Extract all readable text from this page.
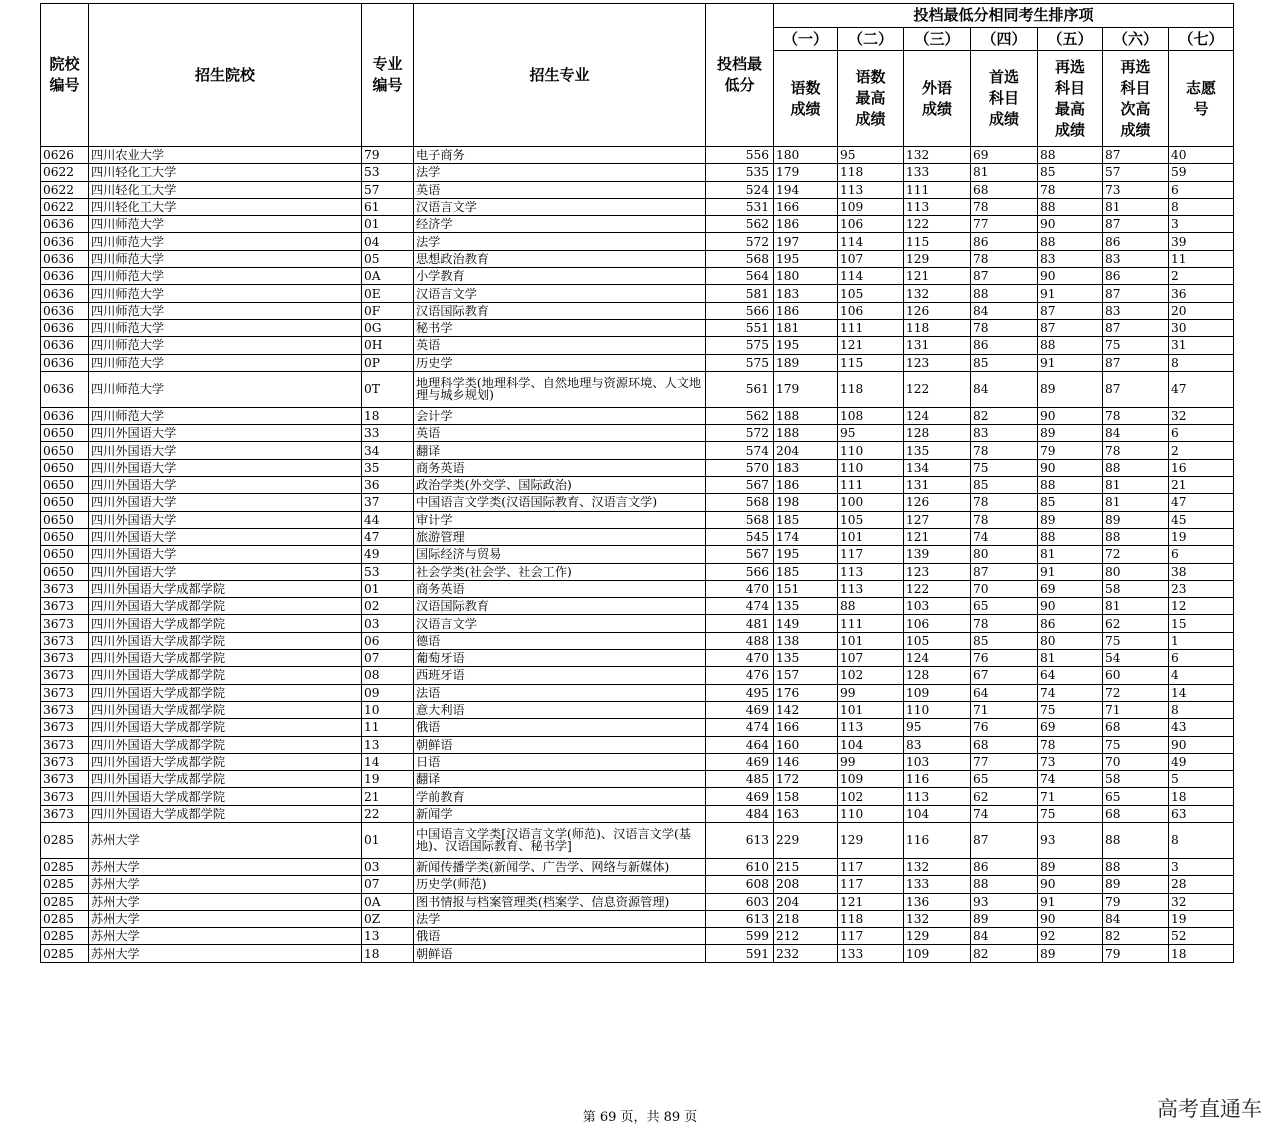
院校编号	招生院校	专业编号	招生专业	投档最低分	投档最低分相同考生排序项						
					（一）	（二）	（三）	（四）	（五）	（六）	（七）
					语数成绩	语数最高成绩	外语成绩	首选科目成绩	再选科目最高成绩	再选科目次高成绩	志愿号
0626	四川农业大学	79	电子商务	556	180	95	132	69	88	87	40
0622	四川轻化工大学	53	法学	535	179	118	133	81	85	57	59
0622	四川轻化工大学	57	英语	524	194	113	111	68	78	73	6
0622	四川轻化工大学	61	汉语言文学	531	166	109	113	78	88	81	8
0636	四川师范大学	01	经济学	562	186	106	122	77	90	87	3
0636	四川师范大学	04	法学	572	197	114	115	86	88	86	39
0636	四川师范大学	05	思想政治教育	568	195	107	129	78	83	83	11
0636	四川师范大学	0A	小学教育	564	180	114	121	87	90	86	2
0636	四川师范大学	0E	汉语言文学	581	183	105	132	88	91	87	36
0636	四川师范大学	0F	汉语国际教育	566	186	106	126	84	87	83	20
0636	四川师范大学	0G	秘书学	551	181	111	118	78	87	87	30
0636	四川师范大学	0H	英语	575	195	121	131	86	88	75	31
0636	四川师范大学	0P	历史学	575	189	115	123	85	91	87	8
0636	四川师范大学	0T	地理科学类(地理科学、自然地理与资源环境、人文地理与城乡规划)	561	179	118	122	84	89	87	47
0636	四川师范大学	18	会计学	562	188	108	124	82	90	78	32
0650	四川外国语大学	33	英语	572	188	95	128	83	89	84	6
0650	四川外国语大学	34	翻译	574	204	110	135	78	79	78	2
0650	四川外国语大学	35	商务英语	570	183	110	134	75	90	88	16
0650	四川外国语大学	36	政治学类(外交学、国际政治)	567	186	111	131	85	88	81	21
0650	四川外国语大学	37	中国语言文学类(汉语国际教育、汉语言文学)	568	198	100	126	78	85	81	47
0650	四川外国语大学	44	审计学	568	185	105	127	78	89	89	45
0650	四川外国语大学	47	旅游管理	545	174	101	121	74	88	88	19
0650	四川外国语大学	49	国际经济与贸易	567	195	117	139	80	81	72	6
0650	四川外国语大学	53	社会学类(社会学、社会工作)	566	185	113	123	87	91	80	38
3673	四川外国语大学成都学院	01	商务英语	470	151	113	122	70	69	58	23
3673	四川外国语大学成都学院	02	汉语国际教育	474	135	88	103	65	90	81	12
3673	四川外国语大学成都学院	03	汉语言文学	481	149	111	106	78	86	62	15
3673	四川外国语大学成都学院	06	德语	488	138	101	105	85	80	75	1
3673	四川外国语大学成都学院	07	葡萄牙语	470	135	107	124	76	81	54	6
3673	四川外国语大学成都学院	08	西班牙语	476	157	102	128	67	64	60	4
3673	四川外国语大学成都学院	09	法语	495	176	99	109	64	74	72	14
3673	四川外国语大学成都学院	10	意大利语	469	142	101	110	71	75	71	8
3673	四川外国语大学成都学院	11	俄语	474	166	113	95	76	69	68	43
3673	四川外国语大学成都学院	13	朝鲜语	464	160	104	83	68	78	75	90
3673	四川外国语大学成都学院	14	日语	469	146	99	103	77	73	70	49
3673	四川外国语大学成都学院	19	翻译	485	172	109	116	65	74	58	5
3673	四川外国语大学成都学院	21	学前教育	469	158	102	113	62	71	65	18
3673	四川外国语大学成都学院	22	新闻学	484	163	110	104	74	75	68	63
0285	苏州大学	01	中国语言文学类[汉语言文学(师范)、汉语言文学(基地)、汉语国际教育、秘书学]	613	229	129	116	87	93	88	8
0285	苏州大学	03	新闻传播学类(新闻学、广告学、网络与新媒体)	610	215	117	132	86	89	88	3
0285	苏州大学	07	历史学(师范)	608	208	117	133	88	90	89	28
0285	苏州大学	0A	图书情报与档案管理类(档案学、信息资源管理)	603	204	121	136	93	91	79	32
0285	苏州大学	0Z	法学	613	218	118	132	89	90	84	19
0285	苏州大学	13	俄语	599	212	117	129	84	92	82	52
0285	苏州大学	18	朝鲜语	591	232	133	109	82	89	79	18
第 69 页，共 89 页	高考直通车
